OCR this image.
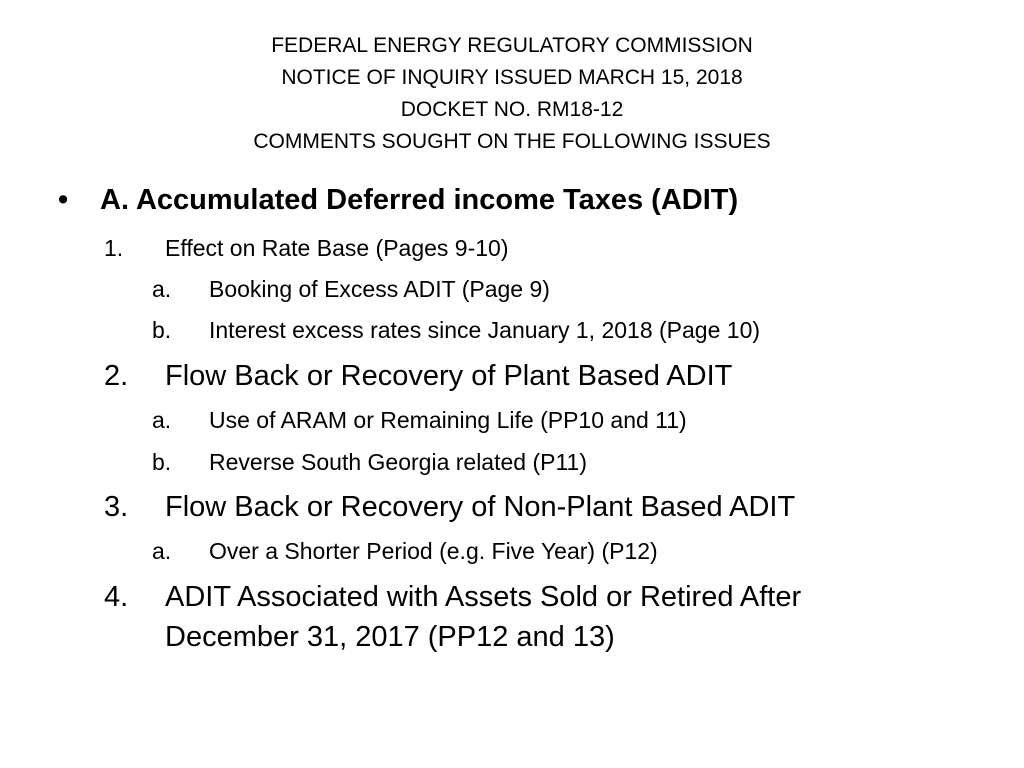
FEDERAL ENERGY REGULATORY COMMISSION
NOTICE OF INQUIRY ISSUED MARCH 15, 2018
DOCKET NO. RM18-12
COMMENTS SOUGHT ON THE FOLLOWING ISSUES
• A. Accumulated Deferred income Taxes (ADIT)
1. Effect on Rate Base (Pages 9-10)
a. Booking of Excess ADIT (Page 9)
b. Interest excess rates since January 1, 2018 (Page 10)
2. Flow Back or Recovery of Plant Based ADIT
a. Use of ARAM or Remaining Life (PP10 and 11)
b. Reverse South Georgia related (P11)
3. Flow Back or Recovery of Non-Plant Based ADIT
a. Over a Shorter Period (e.g. Five Year) (P12)
4. ADIT Associated with Assets Sold or Retired After
December 31, 2017 (PP12 and 13)
